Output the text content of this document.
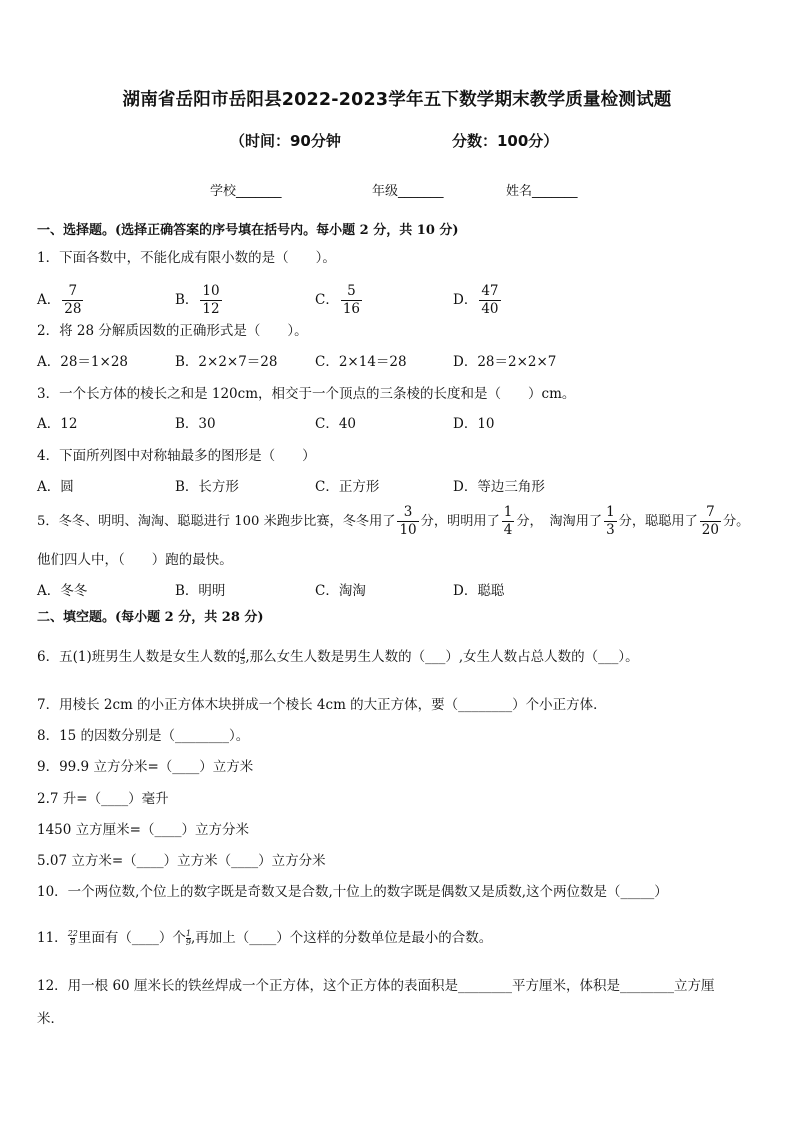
湖南省岳阳市岳阳县2022-2023学年五下数学期末教学质量检测试题
（时间：90分钟	分数：100分）
学校_______	年级_______	姓名_______
一、选择题。(选择正确答案的序号填在括号内。每小题 2 分，共 10 分)
1．下面各数中，不能化成有限小数的是（　　）。
A． $\frac{7}{28}$	B． $\frac{10}{12}$	C． $\frac{5}{16}$	D． $\frac{47}{40}$
2．将 28 分解质因数的正确形式是（　　）。
A．28＝1×28	B．2×2×7＝28	C．2×14＝28	D．28＝2×2×7
3．一个长方体的棱长之和是 120cm，相交于一个顶点的三条棱的长度和是（　　）cm。
A．12	B．30	C．40	D．10
4．下面所列图中对称轴最多的图形是（　　）
A．圆	B．长方形	C．正方形	D．等边三角形
5．冬冬、明明、淘淘、聪聪进行 100 米跑步比赛，冬冬用了 $\frac{3}{10}$ 分，明明用了 $\frac{1}{4}$ 分，　淘淘用了 $\frac{1}{3}$ 分，聪聪用了 $\frac{7}{20}$ 分。
他们四人中，（　　）跑的最快。
A．冬冬	B．明明	C．淘淘	D．聪聪
二、填空题。(每小题 2 分，共 28 分)
6．五(1)班男生人数是女生人数的 $\frac{4}{5}$ ,那么女生人数是男生人数的（___）,女生人数占总人数的（___）。
7．用棱长 2cm 的小正方体木块拼成一个棱长 4cm 的大正方体，要（________）个小正方体．
8．15 的因数分别是（________）。
9．99.9 立方分米=（____）立方米
2.7 升=（____）毫升
1450 立方厘米=（____）立方分米
5.07 立方米=（____）立方米（____）立方分米
10．一个两位数,个位上的数字既是奇数又是合数,十位上的数字既是偶数又是质数,这个两位数是（_____）
11． $\frac{22}{9}$ 里面有（____）个 $\frac{1}{9}$ ,再加上（____）个这样的分数单位是最小的合数。
12．用一根 60 厘米长的铁丝焊成一个正方体，这个正方体的表面积是________平方厘米，体积是________立方厘
米．
